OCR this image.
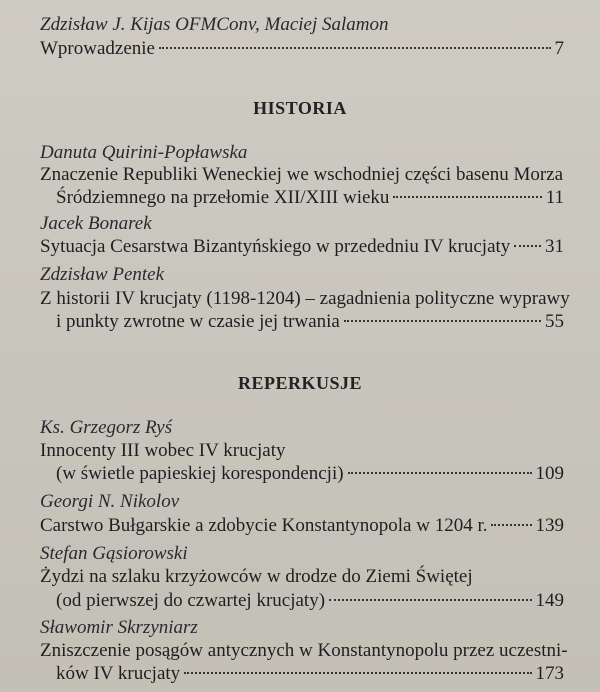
Zdzisław J. Kijas OFMConv, Maciej Salamon
Wprowadzenie	7
HISTORIA
Danuta Quirini-Popławska
Znaczenie Republiki Weneckiej we wschodniej części basenu Morza
Śródziemnego na przełomie XII/XIII wieku	11
Jacek Bonarek
Sytuacja Cesarstwa Bizantyńskiego w przededniu IV krucjaty 31
Zdzisław Pentek
Z historii IV krucjaty (1198-1204) – zagadnienia polityczne wyprawy
i punkty zwrotne w czasie jej trwania	55
REPERKUSJE
Ks. Grzegorz Ryś
Innocenty III wobec IV krucjaty
(w świetle papieskiej korespondencji)	109
Georgi N. Nikolov
Carstwo Bułgarskie a zdobycie Konstantynopola w 1204 r.	139
Stefan Gąsiorowski
Żydzi na szlaku krzyżowców w drodze do Ziemi Świętej
(od pierwszej do czwartej krucjaty)	149
Sławomir Skrzyniarz
Zniszczenie posągów antycznych w Konstantynopolu przez uczestni-
ków IV krucjaty	173
